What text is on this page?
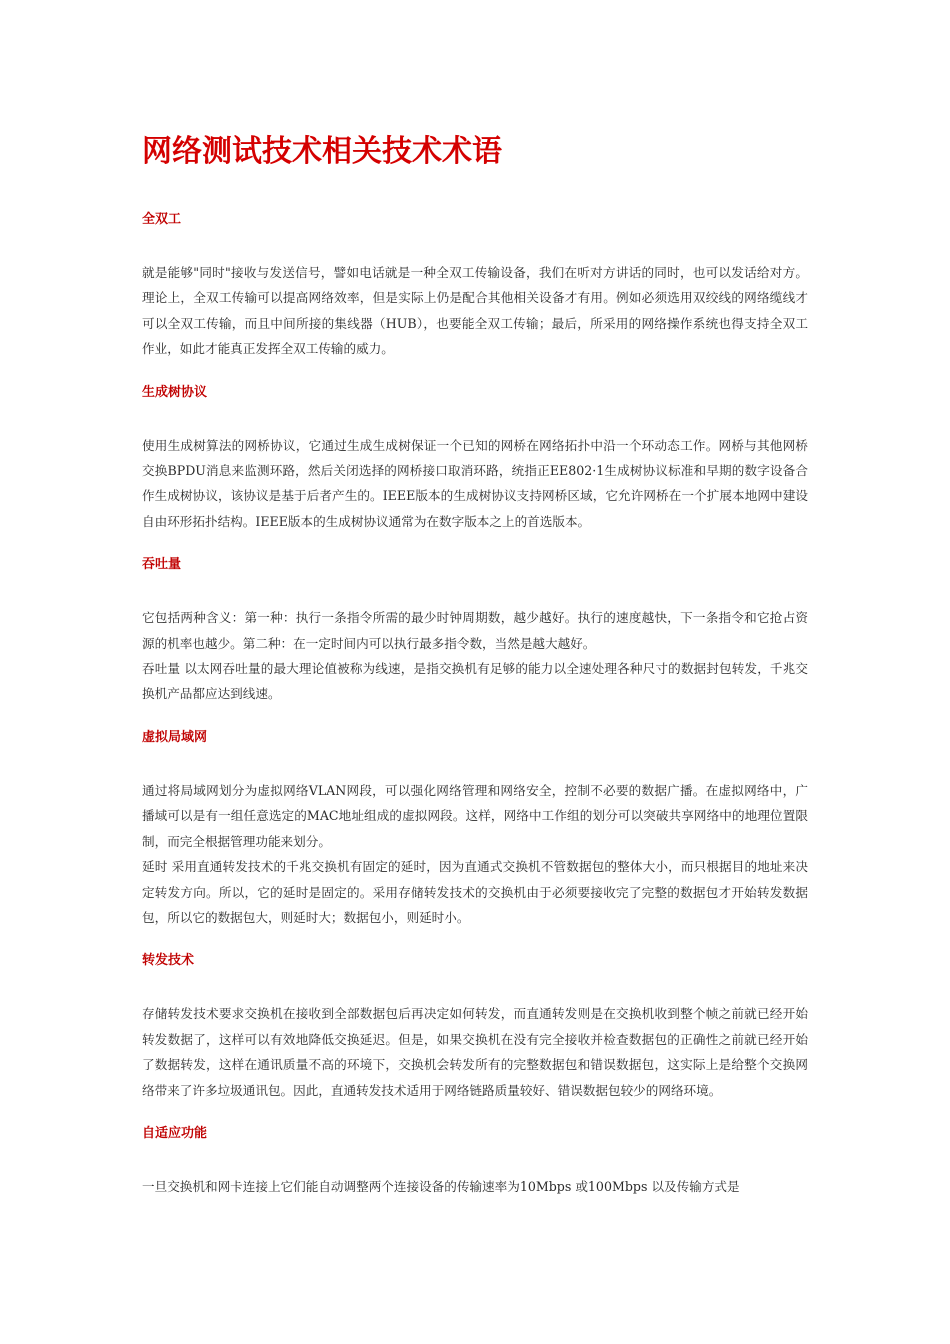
网络测试技术相关技术术语
全双工

就是能够"同时"接收与发送信号，譬如电话就是一种全双工传输设备，我们在听对方讲话的同时，也可以发话给对方。理论上，全双工传输可以提高网络效率，但是实际上仍是配合其他相关设备才有用。例如必须选用双绞线的网络缆线才可以全双工传输，而且中间所接的集线器（HUB），也要能全双工传输；最后，所采用的网络操作系统也得支持全双工作业，如此才能真正发挥全双工传输的威力。

生成树协议

使用生成树算法的网桥协议，它通过生成生成树保证一个已知的网桥在网络拓扑中沿一个环动态工作。网桥与其他网桥交换BPDU消息来监测环路，然后关闭选择的网桥接口取消环路，统指正EE802·1生成树协议标准和早期的数字设备合作生成树协议，该协议是基于后者产生的。IEEE版本的生成树协议支持网桥区域，它允许网桥在一个扩展本地网中建设自由环形拓扑结构。IEEE版本的生成树协议通常为在数字版本之上的首选版本。

吞吐量

它包括两种含义：第一种：执行一条指令所需的最少时钟周期数，越少越好。执行的速度越快，下一条指令和它抢占资源的机率也越少。第二种：在一定时间内可以执行最多指令数，当然是越大越好。

吞吐量 以太网吞吐量的最大理论值被称为线速，是指交换机有足够的能力以全速处理各种尺寸的数据封包转发，千兆交换机产品都应达到线速。

虚拟局域网

通过将局域网划分为虚拟网络VLAN网段，可以强化网络管理和网络安全，控制不必要的数据广播。在虚拟网络中，广播域可以是有一组任意选定的MAC地址组成的虚拟网段。这样，网络中工作组的划分可以突破共享网络中的地理位置限制，而完全根据管理功能来划分。

延时 采用直通转发技术的千兆交换机有固定的延时，因为直通式交换机不管数据包的整体大小，而只根据目的地址来决定转发方向。所以，它的延时是固定的。采用存储转发技术的交换机由于必须要接收完了完整的数据包才开始转发数据包，所以它的数据包大，则延时大；数据包小，则延时小。

转发技术

存储转发技术要求交换机在接收到全部数据包后再决定如何转发，而直通转发则是在交换机收到整个帧之前就已经开始转发数据了，这样可以有效地降低交换延迟。但是，如果交换机在没有完全接收并检查数据包的正确性之前就已经开始了数据转发，这样在通讯质量不高的环境下，交换机会转发所有的完整数据包和错误数据包，这实际上是给整个交换网络带来了许多垃圾通讯包。因此，直通转发技术适用于网络链路质量较好、错误数据包较少的网络环境。

自适应功能

一旦交换机和网卡连接上它们能自动调整两个连接设备的传输速率为10Mbps 或100Mbps 以及传输方式是
